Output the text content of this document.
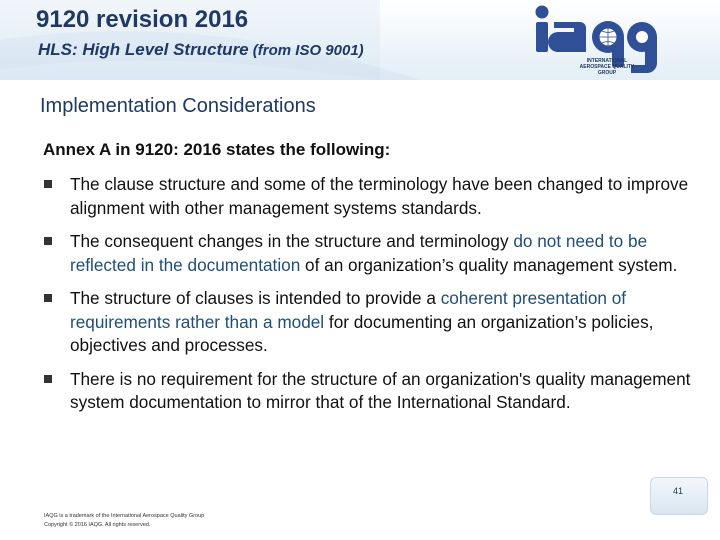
9120 revision 2016
HLS: High Level Structure (from ISO 9001)
INTERNATIONAL AEROSPACE QUALITY GROUP
Implementation Considerations
Annex A in 9120: 2016 states the following:
The clause structure and some of the terminology have been changed to improve alignment with other management systems standards.
The consequent changes in the structure and terminology do not need to be reflected in the documentation of an organization’s quality management system.
The structure of clauses is intended to provide a coherent presentation of requirements rather than a model for documenting an organization’s policies, objectives and processes.
There is no requirement for the structure of an organization's quality management system documentation to mirror that of the International Standard.
IAQG is a trademark of the International Aerospace Quality Group
Copyright © 2016 IAQG. All rights reserved.
41
